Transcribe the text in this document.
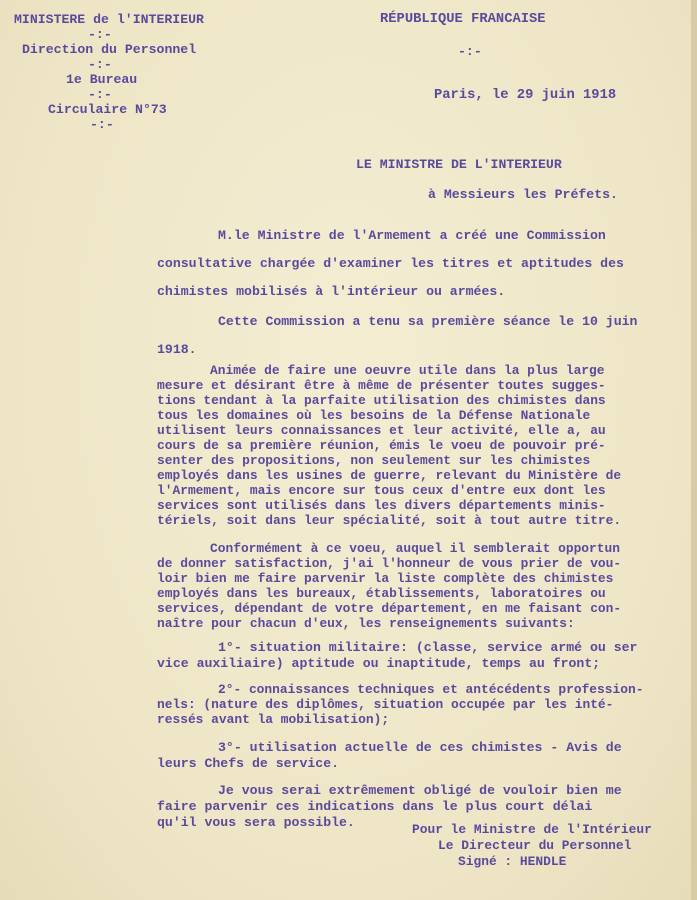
MINISTERE de l'INTERIEUR
-:-
Direction du Personnel
-:-
1e Bureau
-:-
Circulaire N°73
-:-
RÉPUBLIQUE FRANCAISE
-:-
Paris, le 29 juin 1918
LE MINISTRE DE L'INTERIEUR
à Messieurs les Préfets.
M.le Ministre de l'Armement a créé une Commission
consultative chargée d'examiner les titres et aptitudes des
chimistes mobilisés à l'intérieur ou armées.
Cette Commission a tenu sa première séance le 10 juin
1918.
Animée de faire une oeuvre utile dans la plus large
mesure et désirant être à même de présenter toutes sugges-
tions tendant à la parfaite utilisation des chimistes dans
tous les domaines où les besoins de la Défense Nationale
utilisent leurs connaissances et leur activité, elle a, au
cours de sa première réunion, émis le voeu de pouvoir pré-
senter des propositions, non seulement sur les chimistes
employés dans les usines de guerre, relevant du Ministère de
l'Armement, mais encore sur tous ceux d'entre eux dont les
services sont utilisés dans les divers départements minis-
tériels, soit dans leur spécialité, soit à tout autre titre.
Conformément à ce voeu, auquel il semblerait opportun
de donner satisfaction, j'ai l'honneur de vous prier de vou-
loir bien me faire parvenir la liste complète des chimistes
employés dans les bureaux, établissements, laboratoires ou
services, dépendant de votre département, en me faisant con-
naître pour chacun d'eux, les renseignements suivants:
1°- situation militaire: (classe, service armé ou ser
vice auxiliaire) aptitude ou inaptitude, temps au front;
2°- connaissances techniques et antécédents profession-
nels: (nature des diplômes, situation occupée par les inté-
ressés avant la mobilisation);
3°- utilisation actuelle de ces chimistes - Avis de
leurs Chefs de service.
Je vous serai extrêmement obligé de vouloir bien me
faire parvenir ces indications dans le plus court délai
qu'il vous sera possible.	Pour le Ministre de l'Intérieur
Le Directeur du Personnel
Signé : HENDLE
